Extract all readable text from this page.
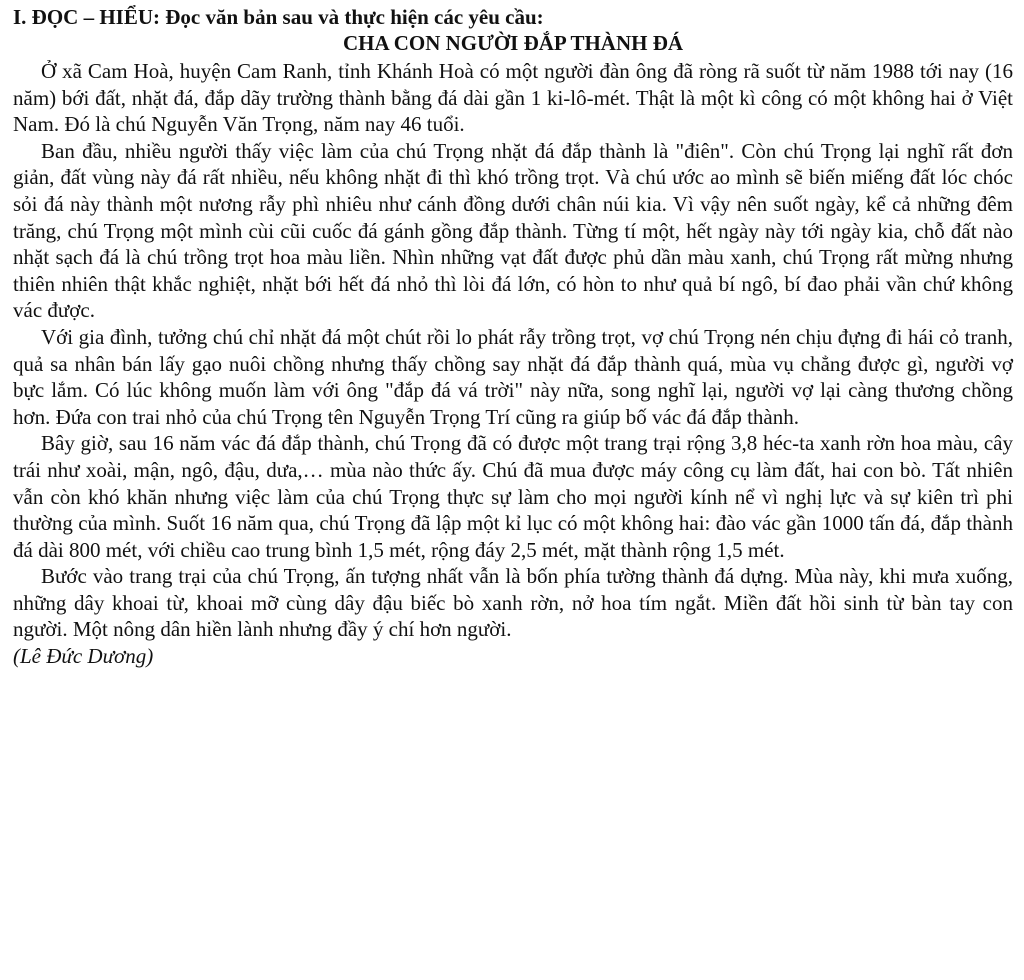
I. ĐỌC – HIỂU: Đọc văn bản sau và thực hiện các yêu cầu:

CHA CON NGƯỜI ĐẮP THÀNH ĐÁ

Ở xã Cam Hoà, huyện Cam Ranh, tỉnh Khánh Hoà có một người đàn ông đã ròng rã suốt từ năm 1988 tới nay (16 năm) bới đất, nhặt đá, đắp dãy trường thành bằng đá dài gần 1 ki-lô-mét. Thật là một kì công có một không hai ở Việt Nam. Đó là chú Nguyễn Văn Trọng, năm nay 46 tuổi.

Ban đầu, nhiều người thấy việc làm của chú Trọng nhặt đá đắp thành là "điên". Còn chú Trọng lại nghĩ rất đơn giản, đất vùng này đá rất nhiều, nếu không nhặt đi thì khó trồng trọt. Và chú ước ao mình sẽ biến miếng đất lóc chóc sỏi đá này thành một nương rẫy phì nhiêu như cánh đồng dưới chân núi kia. Vì vậy nên suốt ngày, kể cả những đêm trăng, chú Trọng một mình cùi cũi cuốc đá gánh gồng đắp thành. Từng tí một, hết ngày này tới ngày kia, chỗ đất nào nhặt sạch đá là chú trồng trọt hoa màu liền. Nhìn những vạt đất được phủ dần màu xanh, chú Trọng rất mừng nhưng thiên nhiên thật khắc nghiệt, nhặt bới hết đá nhỏ thì lòi đá lớn, có hòn to như quả bí ngô, bí đao phải vần chứ không vác được.

Với gia đình, tưởng chú chỉ nhặt đá một chút rồi lo phát rẫy trồng trọt, vợ chú Trọng nén chịu đựng đi hái cỏ tranh, quả sa nhân bán lấy gạo nuôi chồng nhưng thấy chồng say nhặt đá đắp thành quá, mùa vụ chẳng được gì, người vợ bực lắm. Có lúc không muốn làm với ông "đắp đá vá trời" này nữa, song nghĩ lại, người vợ lại càng thương chồng hơn. Đứa con trai nhỏ của chú Trọng tên Nguyễn Trọng Trí cũng ra giúp bố vác đá đắp thành.

Bây giờ, sau 16 năm vác đá đắp thành, chú Trọng đã có được một trang trại rộng 3,8 héc-ta xanh rờn hoa màu, cây trái như xoài, mận, ngô, đậu, dưa,… mùa nào thức ấy. Chú đã mua được máy công cụ làm đất, hai con bò. Tất nhiên vẫn còn khó khăn nhưng việc làm của chú Trọng thực sự làm cho mọi người kính nể vì nghị lực và sự kiên trì phi thường của mình. Suốt 16 năm qua, chú Trọng đã lập một kỉ lục có một không hai: đào vác gần 1000 tấn đá, đắp thành đá dài 800 mét, với chiều cao trung bình 1,5 mét, rộng đáy 2,5 mét, mặt thành rộng 1,5 mét.

Bước vào trang trại của chú Trọng, ấn tượng nhất vẫn là bốn phía tường thành đá dựng. Mùa này, khi mưa xuống, những dây khoai từ, khoai mỡ cùng dây đậu biếc bò xanh rờn, nở hoa tím ngắt. Miền đất hồi sinh từ bàn tay con người. Một nông dân hiền lành nhưng đầy ý chí hơn người.

(Lê Đức Dương)
